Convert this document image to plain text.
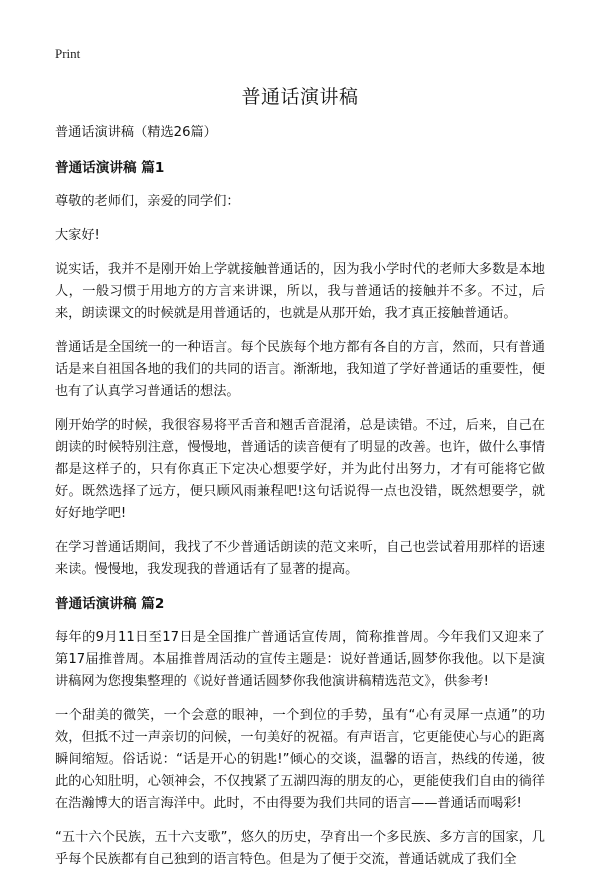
Print
普通话演讲稿

普通话演讲稿（精选26篇）

普通话演讲稿 篇1

尊敬的老师们，亲爱的同学们：

大家好!

说实话，我并不是刚开始上学就接触普通话的，因为我小学时代的老师大多数是本地人，一般习惯于用地方的方言来讲课，所以，我与普通话的接触并不多。不过，后来，朗读课文的时候就是用普通话的，也就是从那开始，我才真正接触普通话。

普通话是全国统一的一种语言。每个民族每个地方都有各自的方言，然而，只有普通话是来自祖国各地的我们的共同的语言。渐渐地，我知道了学好普通话的重要性，便也有了认真学习普通话的想法。

刚开始学的时候，我很容易将平舌音和翘舌音混淆，总是读错。不过，后来，自己在朗读的时候特别注意，慢慢地，普通话的读音便有了明显的改善。也许，做什么事情都是这样子的，只有你真正下定决心想要学好，并为此付出努力，才有可能将它做好。既然选择了远方，便只顾风雨兼程吧!这句话说得一点也没错，既然想要学，就好好地学吧!

在学习普通话期间，我找了不少普通话朗读的范文来听，自己也尝试着用那样的语速来读。慢慢地，我发现我的普通话有了显著的提高。

普通话演讲稿 篇2

每年的9月11日至17日是全国推广普通话宣传周，简称推普周。今年我们又迎来了第17届推普周。本届推普周活动的宣传主题是：说好普通话,圆梦你我他。以下是演讲稿网为您搜集整理的《说好普通话圆梦你我他演讲稿精选范文》，供参考!

一个甜美的微笑，一个会意的眼神，一个到位的手势，虽有“心有灵犀一点通”的功效，但抵不过一声亲切的问候，一句美好的祝福。有声语言，它更能使心与心的距离瞬间缩短。俗话说：“话是开心的钥匙!”倾心的交谈，温馨的语言，热线的传递，彼此的心知肚明，心领神会，不仅拽紧了五湖四海的朋友的心，更能使我们自由的徜徉在浩瀚博大的语言海洋中。此时，不由得要为我们共同的语言——普通话而喝彩!

“五十六个民族，五十六支歌”，悠久的历史，孕育出一个多民族、多方言的国家，几乎每个民族都有自己独到的语言特色。但是为了便于交流，普通话就成了我们全
